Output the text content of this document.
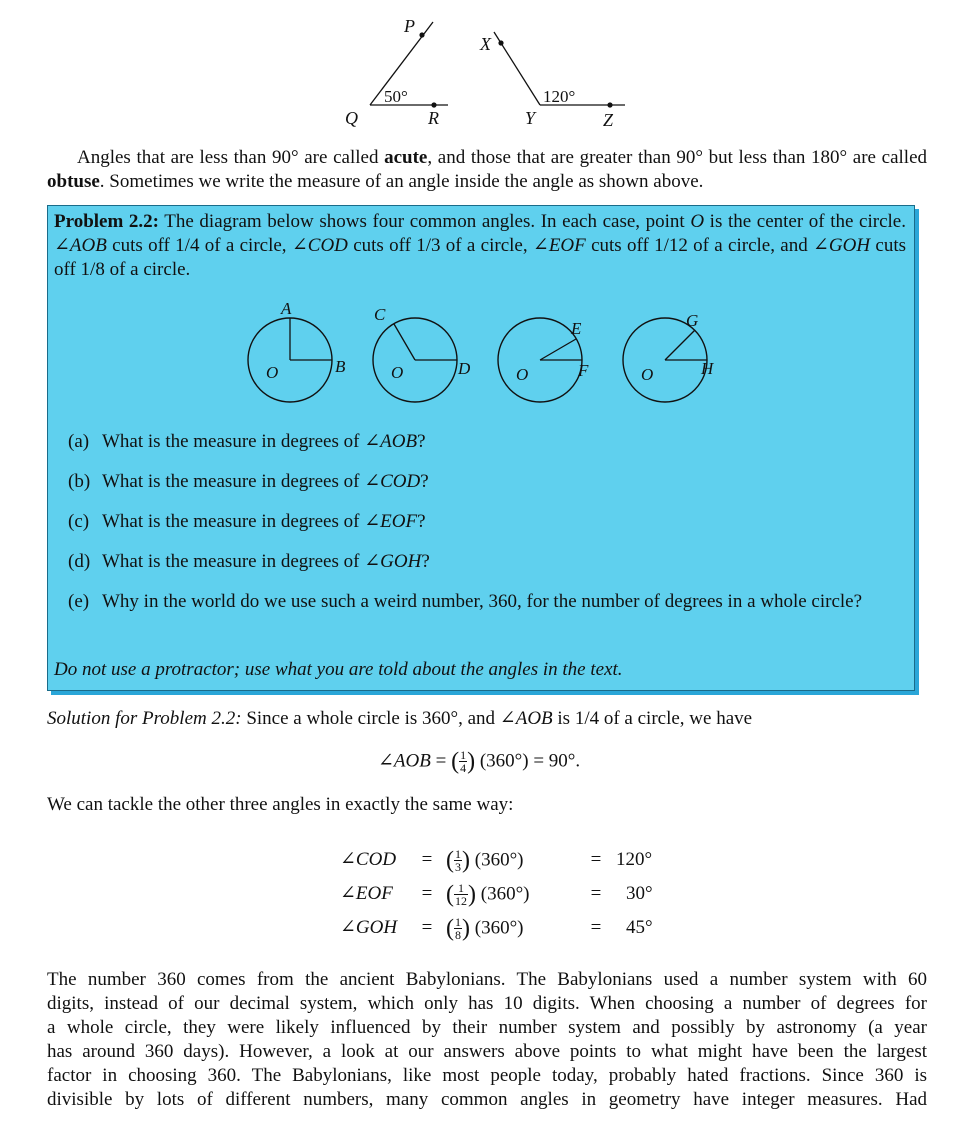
P
Q	R
50°
X
Y	Z
120°
Angles that are less than 90° are called acute, and those that are greater than 90° but less than 180° are called obtuse. Sometimes we write the measure of an angle inside the angle as shown above.
Problem 2.2: The diagram below shows four common angles. In each case, point O is the center of the circle. ∠AOB cuts off 1/4 of a circle, ∠COD cuts off 1/3 of a circle, ∠EOF cuts off 1/12 of a circle, and ∠GOH cuts off 1/8 of a circle.
A
B
O
C
D
O
E
F
O
G
H
O
(a) What is the measure in degrees of ∠AOB?
(b) What is the measure in degrees of ∠COD?
(c) What is the measure in degrees of ∠EOF?
(d) What is the measure in degrees of ∠GOH?
(e) Why in the world do we use such a weird number, 360, for the number of degrees in a whole circle?
Do not use a protractor; use what you are told about the angles in the text.
Solution for Problem 2.2: Since a whole circle is 360°, and ∠AOB is 1/4 of a circle, we have
∠AOB = ( $\frac{1}{4}$ ) (360°) = 90°.
We can tackle the other three angles in exactly the same way:
∠COD	=	( $\frac{1}{3}$ ) (360°)	=	120°
∠EOF	=	( $\frac{1}{12}$ ) (360°)	=	30°
∠GOH	=	( $\frac{1}{8}$ ) (360°)	=	45°
The number 360 comes from the ancient Babylonians. The Babylonians used a number system with 60
digits, instead of our decimal system, which only has 10 digits. When choosing a number of degrees for
a whole circle, they were likely influenced by their number system and possibly by astronomy (a year
has around 360 days). However, a look at our answers above points to what might have been the largest
factor in choosing 360. The Babylonians, like most people today, probably hated fractions. Since 360 is
divisible by lots of different numbers, many common angles in geometry have integer measures. Had
